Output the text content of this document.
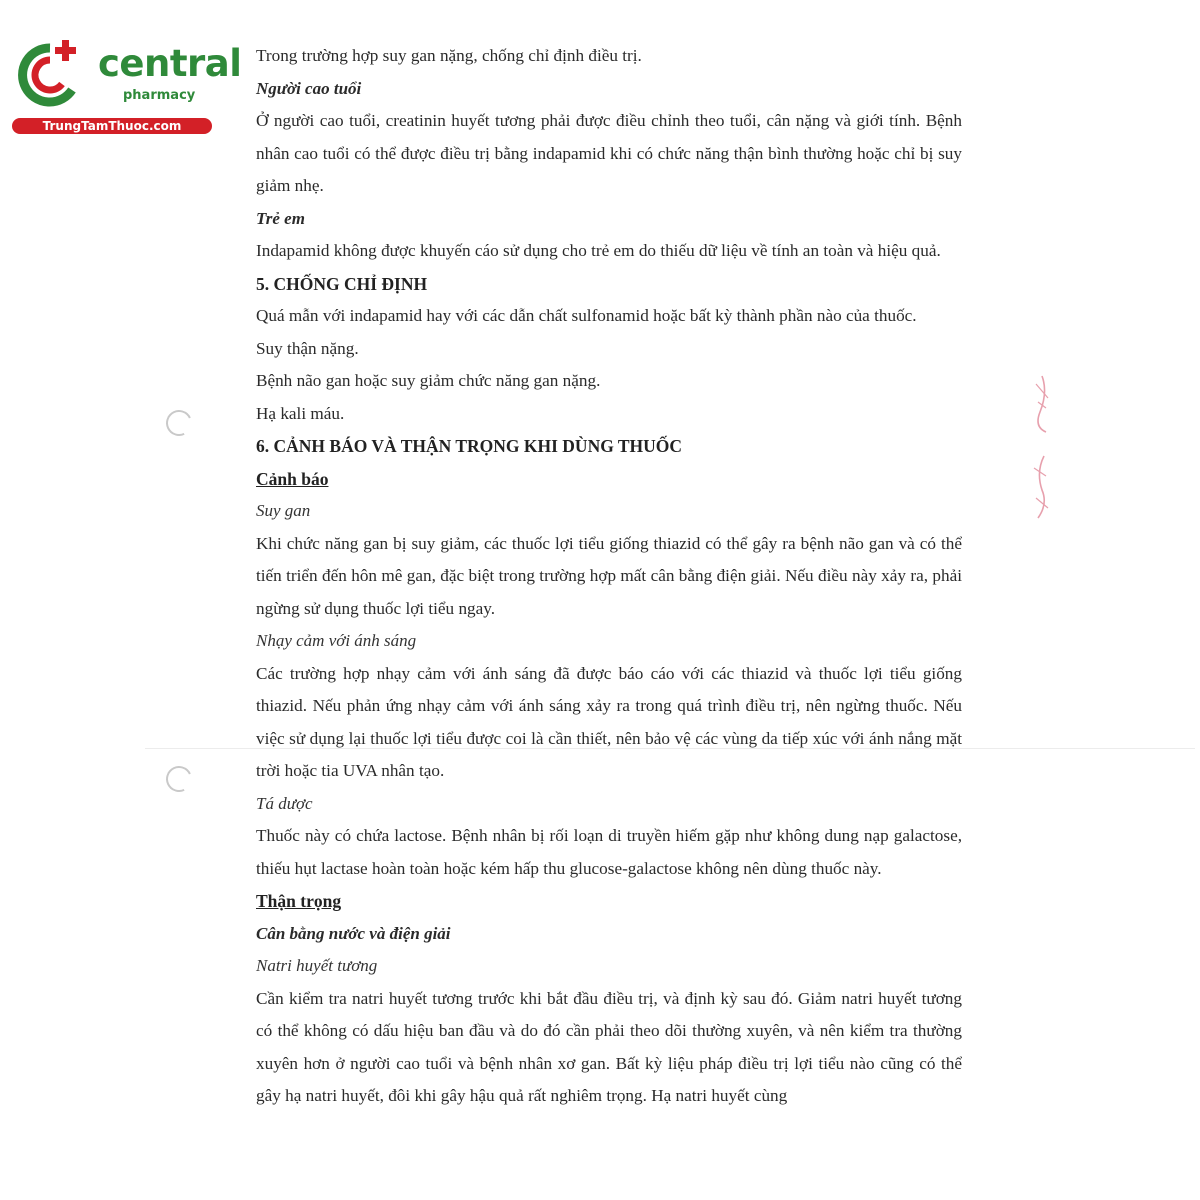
central
pharmacy
TrungTamThuoc.com

Trong trường hợp suy gan nặng, chống chỉ định điều trị.

Người cao tuổi

Ở người cao tuổi, creatinin huyết tương phải được điều chỉnh theo tuổi, cân nặng và giới tính. Bệnh nhân cao tuổi có thể được điều trị bằng indapamid khi có chức năng thận bình thường hoặc chỉ bị suy giảm nhẹ.

Trẻ em

Indapamid không được khuyến cáo sử dụng cho trẻ em do thiếu dữ liệu về tính an toàn và hiệu quả.

5. CHỐNG CHỈ ĐỊNH

Quá mẫn với indapamid hay với các dẫn chất sulfonamid hoặc bất kỳ thành phần nào của thuốc.

Suy thận nặng.

Bệnh não gan hoặc suy giảm chức năng gan nặng.

Hạ kali máu.

6. CẢNH BÁO VÀ THẬN TRỌNG KHI DÙNG THUỐC

Cảnh báo

Suy gan

Khi chức năng gan bị suy giảm, các thuốc lợi tiểu giống thiazid có thể gây ra bệnh não gan và có thể tiến triển đến hôn mê gan, đặc biệt trong trường hợp mất cân bằng điện giải. Nếu điều này xảy ra, phải ngừng sử dụng thuốc lợi tiểu ngay.

Nhạy cảm với ánh sáng

Các trường hợp nhạy cảm với ánh sáng đã được báo cáo với các thiazid và thuốc lợi tiểu giống thiazid. Nếu phản ứng nhạy cảm với ánh sáng xảy ra trong quá trình điều trị, nên ngừng thuốc. Nếu việc sử dụng lại thuốc lợi tiểu được coi là cần thiết, nên bảo vệ các vùng da tiếp xúc với ánh nắng mặt trời hoặc tia UVA nhân tạo.

Tá dược

Thuốc này có chứa lactose. Bệnh nhân bị rối loạn di truyền hiếm gặp như không dung nạp galactose, thiếu hụt lactase hoàn toàn hoặc kém hấp thu glucose-galactose không nên dùng thuốc này.

Thận trọng

Cân bằng nước và điện giải

Natri huyết tương

Cần kiểm tra natri huyết tương trước khi bắt đầu điều trị, và định kỳ sau đó. Giảm natri huyết tương có thể không có dấu hiệu ban đầu và do đó cần phải theo dõi thường xuyên, và nên kiểm tra thường xuyên hơn ở người cao tuổi và bệnh nhân xơ gan. Bất kỳ liệu pháp điều trị lợi tiểu nào cũng có thể gây hạ natri huyết, đôi khi gây hậu quả rất nghiêm trọng. Hạ natri huyết cùng
